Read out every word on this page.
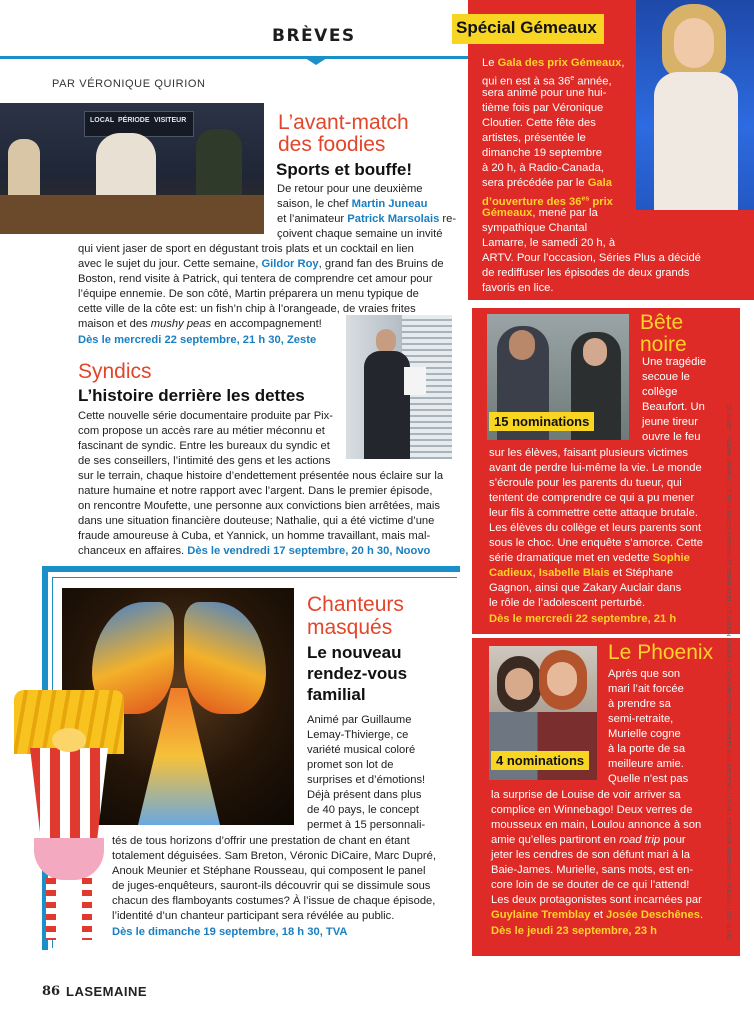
BRÈVES
PAR VÉRONIQUE QUIRION
LOCAL PÉRIODE VISITEUR	L’avant-match
des foodies
Sports et bouffe!
De retour pour une deuxième
saison, le chef Martin Juneau
et l’animateur Patrick Marsolais re-
çoivent chaque semaine un invité
qui vient jaser de sport en dégustant trois plats et un cocktail en lien
avec le sujet du jour. Cette semaine, Gildor Roy, grand fan des Bruins de
Boston, rend visite à Patrick, qui tentera de comprendre cet amour pour
l’équipe ennemie. De son côté, Martin préparera un menu typique de
cette ville de la côte est: un fish’n chip à l’orangeade, de vraies frites
maison et des mushy peas en accompagnement!
Dès le mercredi 22 septembre, 21 h 30, Zeste
Syndics
L’histoire derrière les dettes
Cette nouvelle série documentaire produite par Pix-
com propose un accès rare au métier méconnu et
fascinant de syndic. Entre les bureaux du syndic et
de ses conseillers, l’intimité des gens et les actions
sur le terrain, chaque histoire d’endettement présentée nous éclaire sur la
nature humaine et notre rapport avec l’argent. Dans le premier épisode,
on rencontre Moufette, une personne aux convictions bien arrêtées, mais
dans une situation financière douteuse; Nathalie, qui a été victime d’une
fraude amoureuse à Cuba, et Yannick, un homme travaillant, mais mal-
chanceux en affaires. Dès le vendredi 17 septembre, 20 h 30, Noovo
Chanteurs
masqués
Le nouveau
rendez-vous
familial
Animé par Guillaume
Lemay-Thivierge, ce
variété musical coloré
promet son lot de
surprises et d’émotions!
Déjà présent dans plus
de 40 pays, le concept
permet à 15 personnali-
tés de tous horizons d’offrir une prestation de chant en étant
totalement déguisées. Sam Breton, Véronic DiCaire, Marc Dupré,
Anouk Meunier et Stéphane Rousseau, qui composent le panel
de juges-enquêteurs, sauront-ils découvrir qui se dissimule sous
chacun des flamboyants costumes? À l’issue de chaque épisode,
l’identité d’un chanteur participant sera révélée au public.
Dès le dimanche 19 septembre, 18 h 30, TVA
Spécial Gémeaux
Le Gala des prix Gémeaux,
qui en est à sa 36e année,
sera animé pour une hui-
tième fois par Véronique
Cloutier. Cette fête des
artistes, présentée le
dimanche 19 septembre
à 20 h, à Radio-Canada,
sera précédée par le Gala
d’ouverture des $36^{es}$ prix
Gémeaux, mené par la
sympathique Chantal
Lamarre, le samedi 20 h, à
ARTV. Pour l’occasion, Séries Plus a décidé
de rediffuser les épisodes de deux grands
favoris en lice.
15 nominations
Bête
noire
Une tragédie
secoue le
collège
Beaufort. Un
jeune tireur
ouvre le feu
sur les élèves, faisant plusieurs victimes
avant de perdre lui-même la vie. Le monde
s’écroule pour les parents du tueur, qui
tentent de comprendre ce qui a pu mener
leur fils à commettre cette attaque brutale.
Les élèves du collège et leurs parents sont
sous le choc. Une enquête s’amorce. Cette
série dramatique met en vedette Sophie
Cadieux, Isabelle Blais et Stéphane
Gagnon, ainsi que Zakary Auclair dans
le rôle de l’adolescent perturbé.
Dès le mercredi 22 septembre, 21 h
4 nominations
Le Phoenix
Après que son
mari l’ait forcée
à prendre sa
semi-retraite,
Murielle cogne
à la porte de sa
meilleure amie.
Quelle n’est pas
la surprise de Louise de voir arriver sa
complice en Winnebago! Deux verres de
mousseux en main, Loulou annonce à son
amie qu’elles partiront en road trip pour
jeter les cendres de son défunt mari à la
Baie-James. Murielle, sans mots, est en-
core loin de se douter de ce qui l’attend!
Les deux protagonistes sont incarnées par
Guylaine Tremblay et Josée Deschênes.
Dès le jeudi 23 septembre, 23 h	TEXTE: ÉQ / PHOTOS: CHANTEURS MASQUÉS TVA (C) / GALA DES PRIX GÉMEAUX RADIO-CANADA (C) / SYNDICS NOOVO (C) / BÊTE NOIRE, LE PHOENIX SÉRIES PLUS (C) / L’AVANT-MATCH… ZESTE (C)
86 LASEMAINE
